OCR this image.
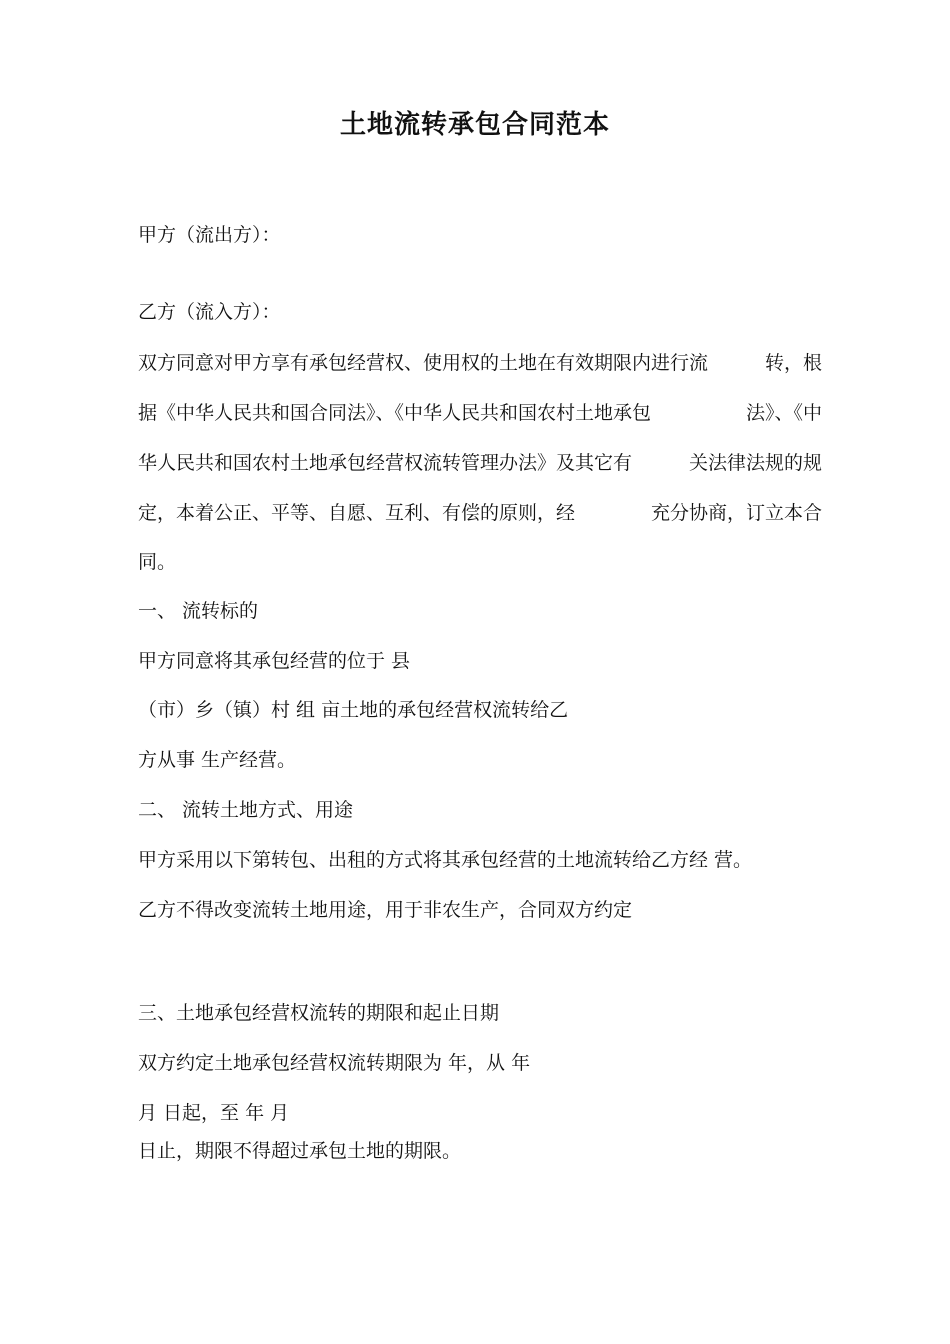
土地流转承包合同范本

甲方（流出方）：

乙方（流入方）：

双方同意对甲方享有承包经营权、使用权的土地在有效期限内进行流	转，根

据《中华人民共和国合同法》、《中华人民共和国农村土地承包	法》、《中

华人民共和国农村土地承包经营权流转管理办法》及其它有	关法律法规的规

定，本着公正、平等、自愿、互利、有偿的原则，经	充分协商，订立本合

同。

一、 流转标的

甲方同意将其承包经营的位于 县

（市）乡（镇）村 组 亩土地的承包经营权流转给乙

方从事 生产经营。

二、 流转土地方式、用途

甲方采用以下第转包、出租的方式将其承包经营的土地流转给乙方经 营。

乙方不得改变流转土地用途，用于非农生产，合同双方约定

三、土地承包经营权流转的期限和起止日期

双方约定土地承包经营权流转期限为 年，从 年

月 日起，至 年 月

日止，期限不得超过承包土地的期限。
